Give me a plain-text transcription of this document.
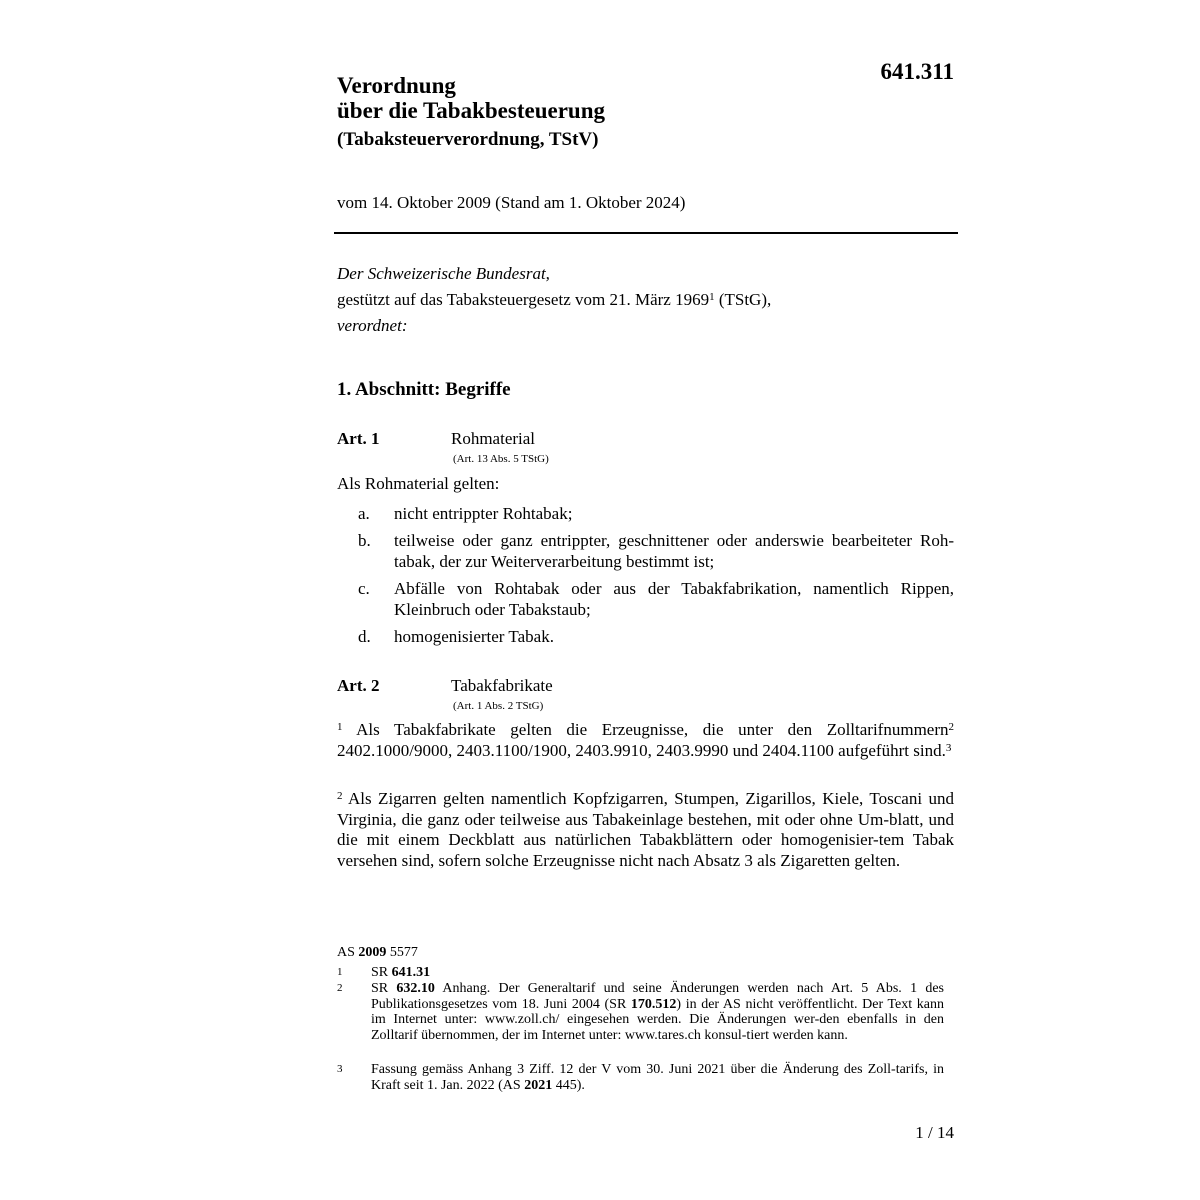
641.311
Verordnung
über die Tabakbesteuerung
(Tabaksteuerverordnung, TStV)
vom 14. Oktober 2009 (Stand am 1. Oktober 2024)
Der Schweizerische Bundesrat,
gestützt auf das Tabaksteuergesetz vom 21. März 1969$^1$ (TStG),
verordnet:
1. Abschnitt: Begriffe
Art. 1	Rohmaterial
(Art. 13 Abs. 5 TStG)
Als Rohmaterial gelten:
a.	nicht entrippter Rohtabak;
b.	teilweise oder ganz entrippter, geschnittener oder anderswie bearbeiteter Roh-tabak, der zur Weiterverarbeitung bestimmt ist;
c.	Abfälle von Rohtabak oder aus der Tabakfabrikation, namentlich Rippen, Kleinbruch oder Tabakstaub;
d.	homogenisierter Tabak.
Art. 2	Tabakfabrikate
(Art. 1 Abs. 2 TStG)
$^1$ Als Tabakfabrikate gelten die Erzeugnisse, die unter den Zolltarifnummern$^2$ 2402.1000/9000, 2403.1100/1900, 2403.9910, 2403.9990 und 2404.1100 aufgeführt sind.$^3$
$^2$ Als Zigarren gelten namentlich Kopfzigarren, Stumpen, Zigarillos, Kiele, Toscani und Virginia, die ganz oder teilweise aus Tabakeinlage bestehen, mit oder ohne Um-blatt, und die mit einem Deckblatt aus natürlichen Tabakblättern oder homogenisier-tem Tabak versehen sind, sofern solche Erzeugnisse nicht nach Absatz 3 als Zigaretten gelten.
AS 2009 5577
1	SR 641.31
2	SR 632.10 Anhang. Der Generaltarif und seine Änderungen werden nach Art. 5 Abs. 1 des Publikationsgesetzes vom 18. Juni 2004 (SR 170.512) in der AS nicht veröffentlicht. Der Text kann im Internet unter: www.zoll.ch/ eingesehen werden. Die Änderungen wer-den ebenfalls in den Zolltarif übernommen, der im Internet unter: www.tares.ch konsul-tiert werden kann.
3	Fassung gemäss Anhang 3 Ziff. 12 der V vom 30. Juni 2021 über die Änderung des Zoll-tarifs, in Kraft seit 1. Jan. 2022 (AS 2021 445).
1 / 14
